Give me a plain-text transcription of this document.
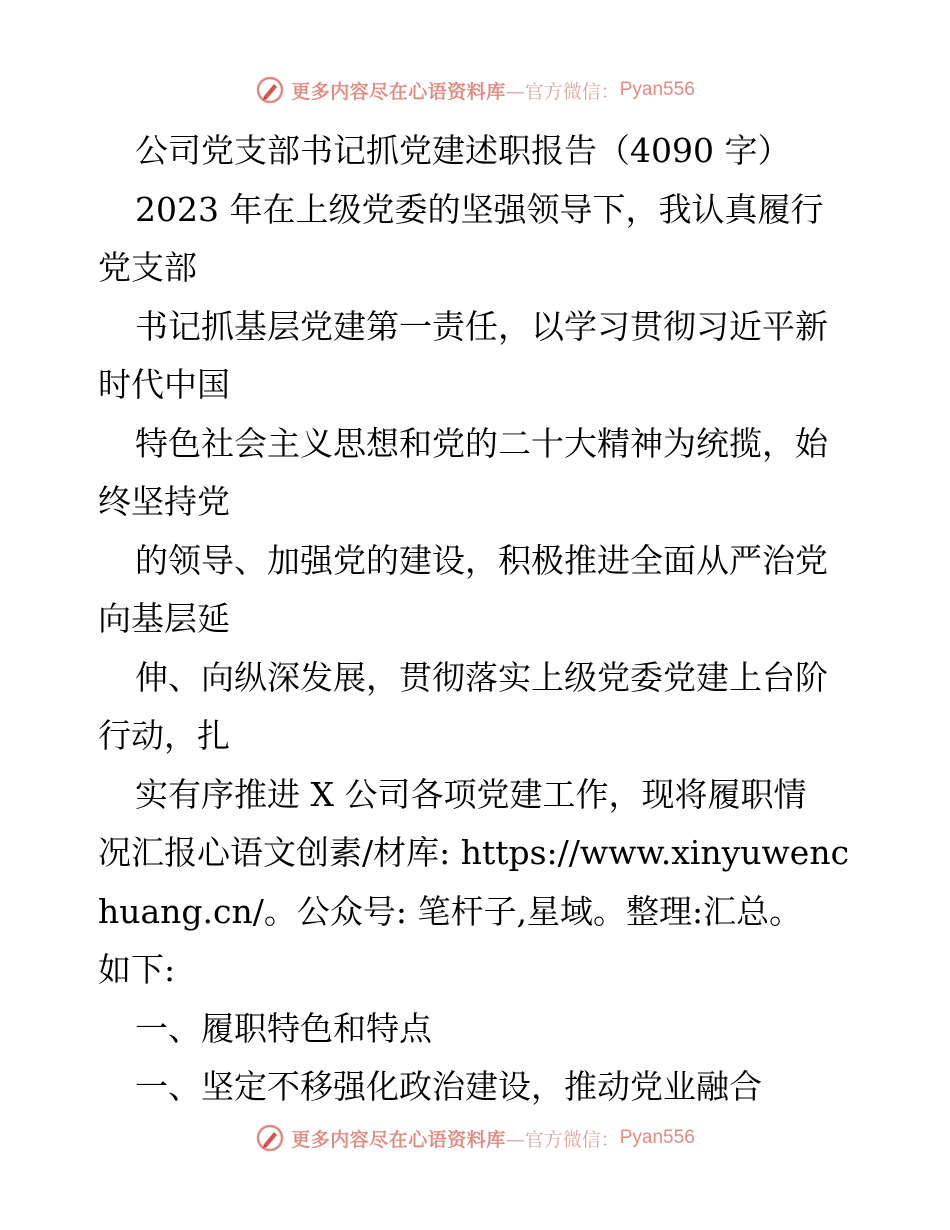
更多内容尽在心语资料库 —官方微信： Pyan556
公司党支部书记抓党建述职报告（4090 字）
2023 年在上级党委的坚强领导下，我认真履行
党支部
书记抓基层党建第一责任，以学习贯彻习近平新
时代中国
特色社会主义思想和党的二十大精神为统揽，始
终坚持党
的领导、加强党的建设，积极推进全面从严治党
向基层延
伸、向纵深发展，贯彻落实上级党委党建上台阶
行动，扎
实有序推进 X 公司各项党建工作，现将履职情
况汇报心语文创素/材库: https://www.xinyuwenc
huang.cn/。公众号: 笔杆子,星域。整理:汇总。
如下:
一、履职特色和特点
一、坚定不移强化政治建设，推动党业融合
更多内容尽在心语资料库 —官方微信： Pyan556
